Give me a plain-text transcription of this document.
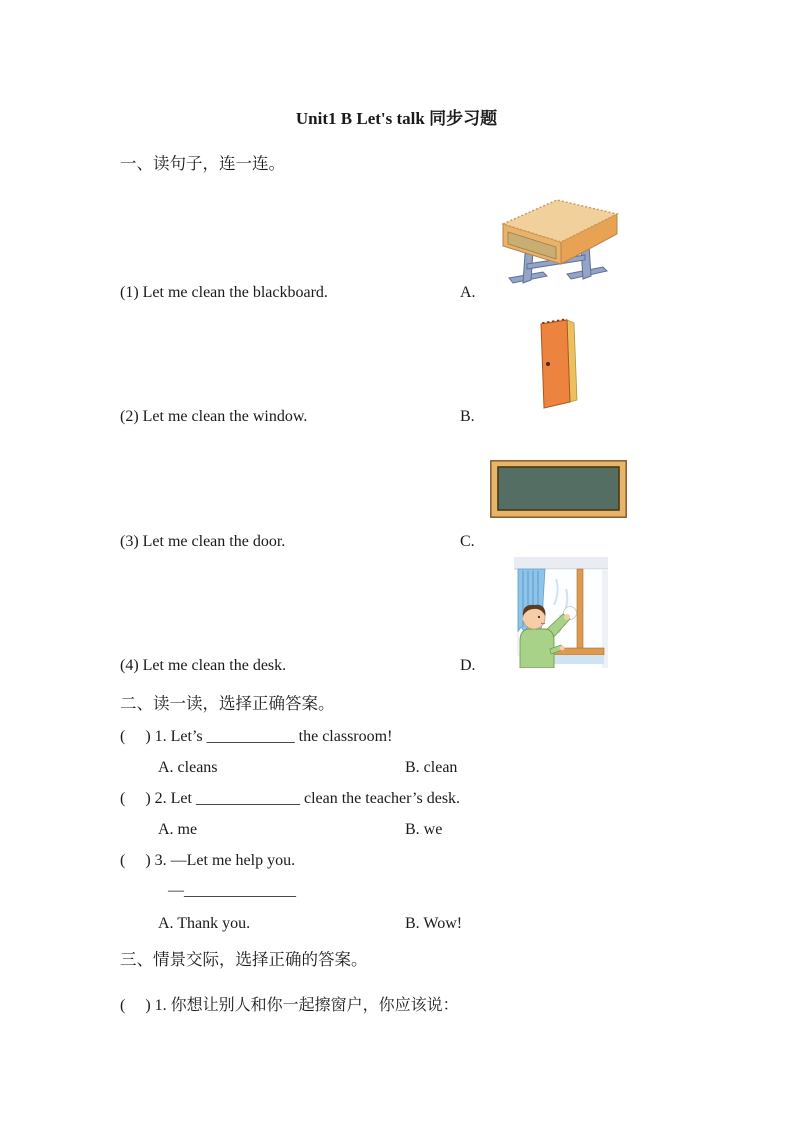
Unit1 B Let's talk 同步习题
一、读句子，连一连。
(1) Let me clean the blackboard.	A.
(2) Let me clean the window.	B.
(3) Let me clean the door.	C.
(4) Let me clean the desk.	D.
二、读一读，选择正确答案。
(     ) 1. Let’s ___________ the classroom!
A. cleans	B. clean
(     ) 2. Let _____________ clean the teacher’s desk.
A. me	B. we
(     ) 3. —Let me help you.
—______________
A. Thank you.	B. Wow!
三、情景交际，选择正确的答案。
(     ) 1. 你想让别人和你一起擦窗户，你应该说：
